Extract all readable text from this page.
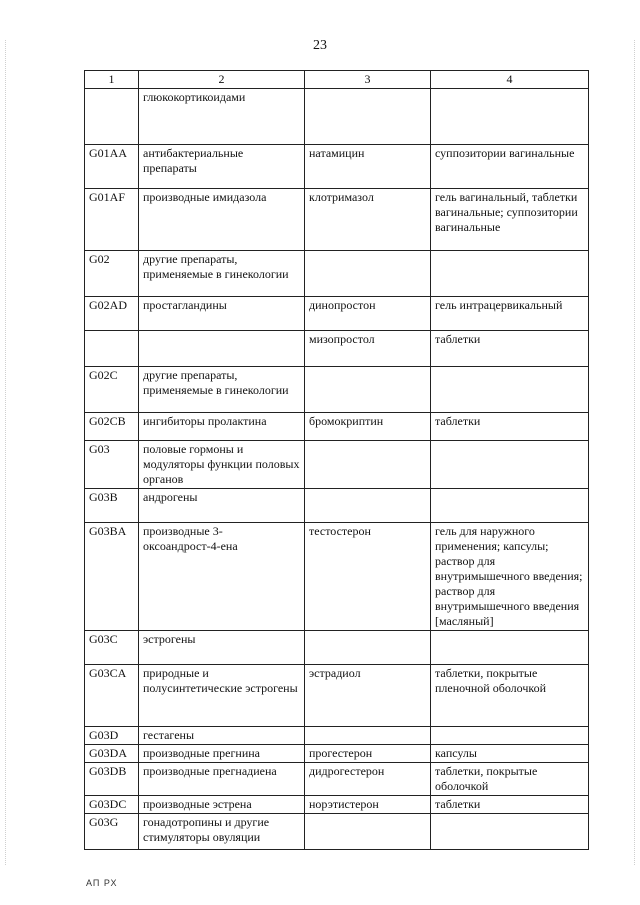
23
1	2	3	4
	глюкокортикоидами		
G01AA	антибактериальные препараты	натамицин	суппозитории вагинальные
G01AF	производные имидазола	клотримазол	гель вагинальный, таблетки вагинальные; суппозитории вагинальные
G02	другие препараты, применяемые в гинекологии		
G02AD	простагландины	динопростон	гель интрацервикальный
		мизопростол	таблетки
G02C	другие препараты, применяемые в гинекологии		
G02CB	ингибиторы пролактина	бромокриптин	таблетки
G03	половые гормоны и модуляторы функции половых органов		
G03B	андрогены		
G03BA	производные 3-оксоандрост-4-ена	тестостерон	гель для наружного применения; капсулы; раствор для внутримышечного введения; раствор для внутримышечного введения [масляный]
G03C	эстрогены		
G03CA	природные и полусинтетические эстрогены	эстрадиол	таблетки, покрытые пленочной оболочкой
G03D	гестагены		
G03DA	производные прегнина	прогестерон	капсулы
G03DB	производные прегнадиена	дидрогестерон	таблетки, покрытые оболочкой
G03DC	производные эстрена	норэтистерон	таблетки
G03G	гонадотропины и другие стимуляторы овуляции		
АП РХ
